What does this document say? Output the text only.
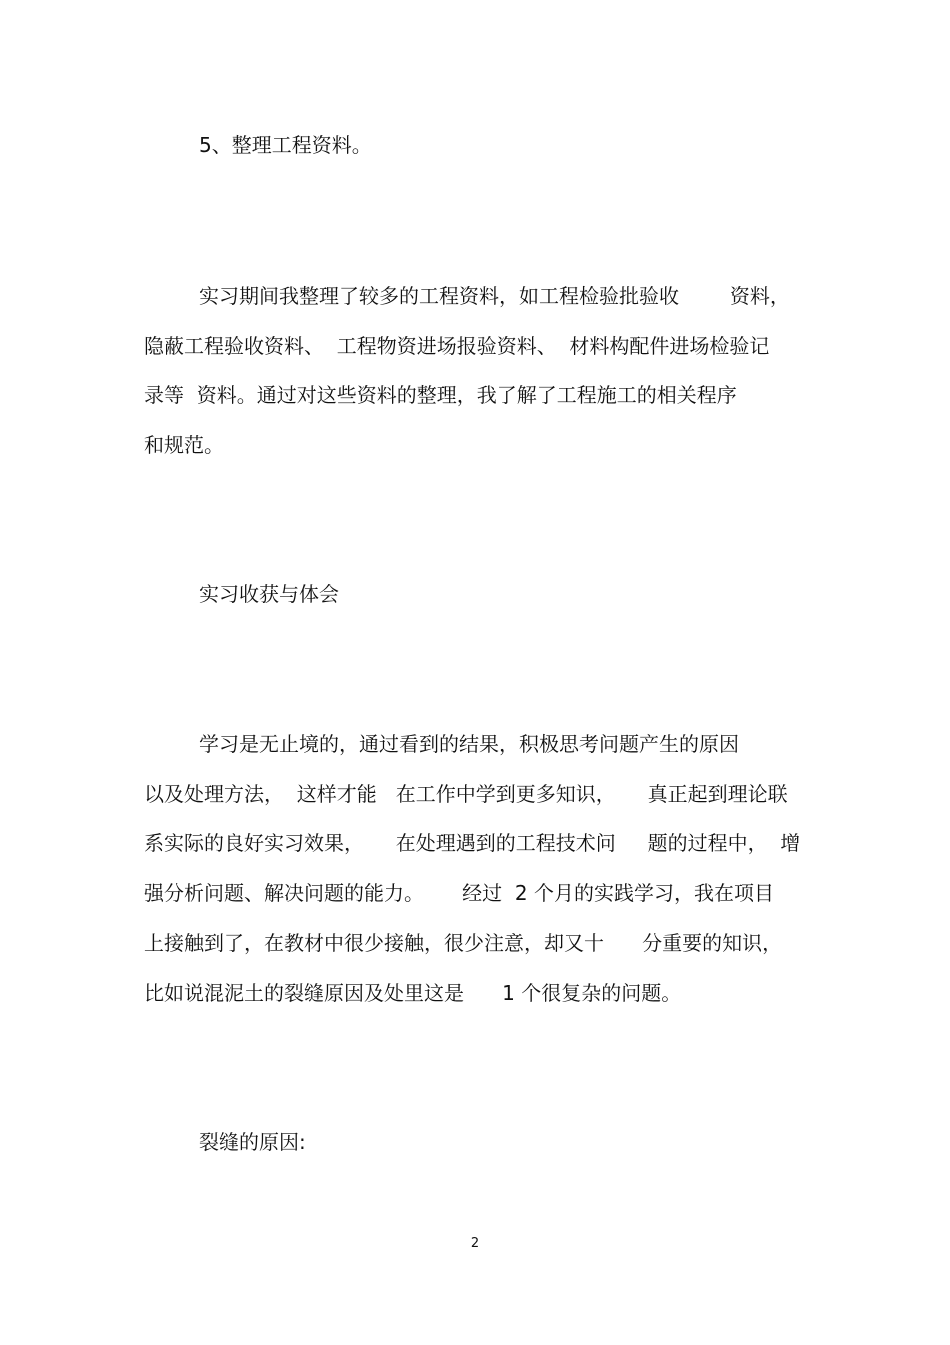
5、整理工程资料。
实习期间我整理了较多的工程资料，如工程检验批验收        资料，
隐蔽工程验收资料、  工程物资进场报验资料、  材料构配件进场检验记
录等  资料。通过对这些资料的整理，我了解了工程施工的相关程序
和规范。
实习收获与体会
学习是无止境的，通过看到的结果，积极思考问题产生的原因
以及处理方法，  这样才能   在工作中学到更多知识，     真正起到理论联
系实际的良好实习效果，     在处理遇到的工程技术问     题的过程中，  增
强分析问题、解决问题的能力。      经过  2 个月的实践学习，我在项目
上接触到了，在教材中很少接触，很少注意，却又十      分重要的知识，
比如说混泥土的裂缝原因及处里这是      1 个很复杂的问题。
裂缝的原因:
2
